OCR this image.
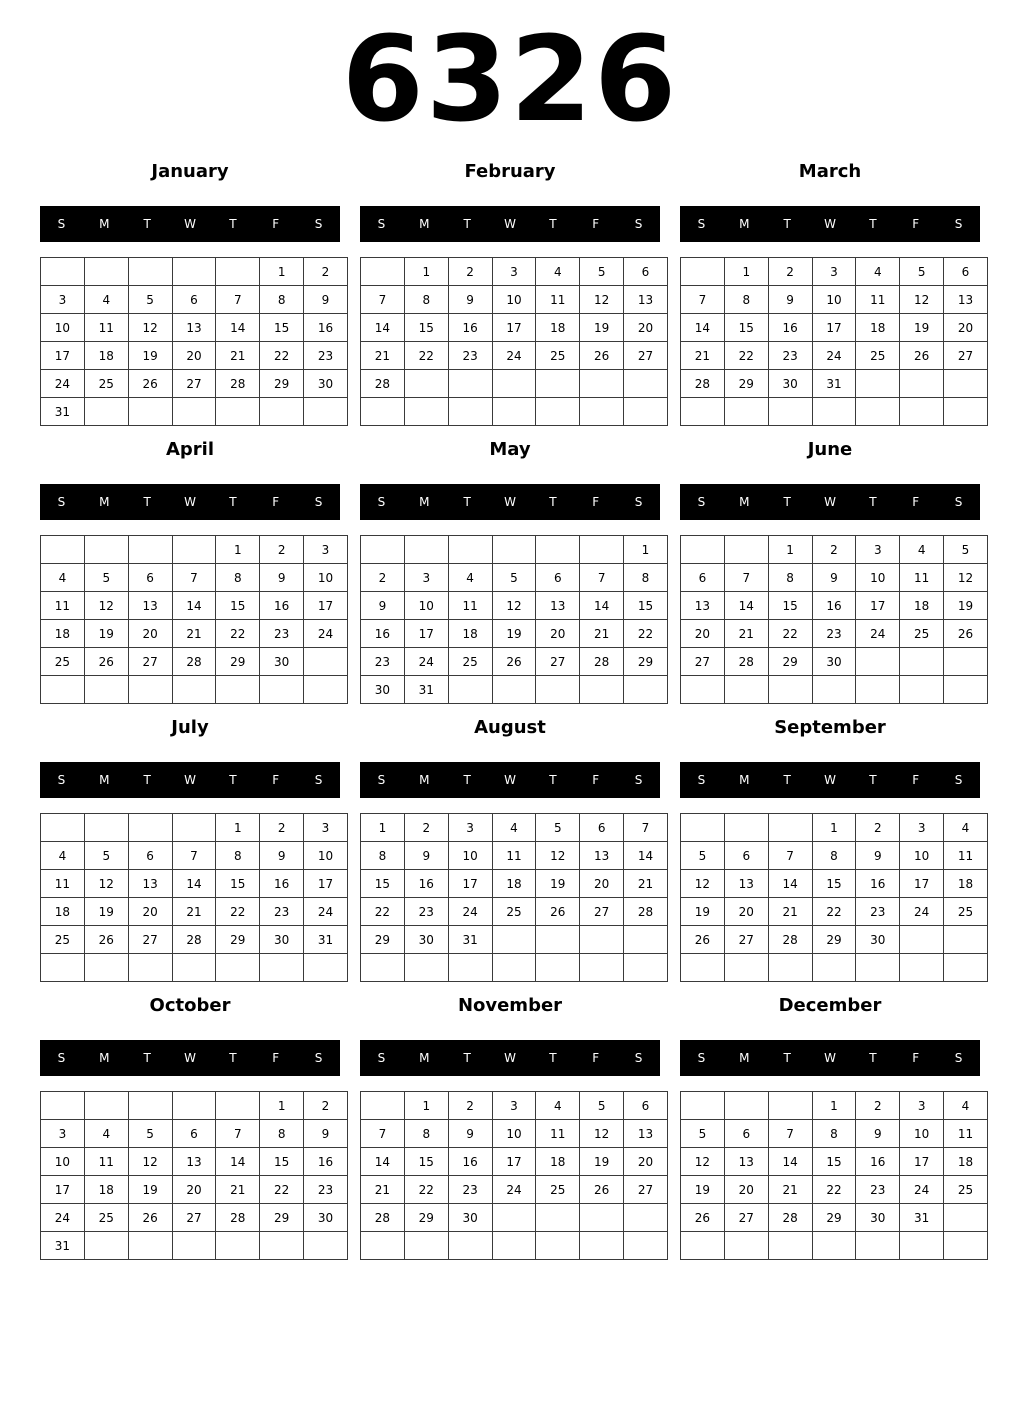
6326
January
S	M	T	W	T	F	S
					1	2
3	4	5	6	7	8	9
10	11	12	13	14	15	16
17	18	19	20	21	22	23
24	25	26	27	28	29	30
31						
February
S	M	T	W	T	F	S
	1	2	3	4	5	6
7	8	9	10	11	12	13
14	15	16	17	18	19	20
21	22	23	24	25	26	27
28						

March
S	M	T	W	T	F	S
	1	2	3	4	5	6
7	8	9	10	11	12	13
14	15	16	17	18	19	20
21	22	23	24	25	26	27
28	29	30	31			

April
S	M	T	W	T	F	S
				1	2	3
4	5	6	7	8	9	10
11	12	13	14	15	16	17
18	19	20	21	22	23	24
25	26	27	28	29	30	

May
S	M	T	W	T	F	S
						1
2	3	4	5	6	7	8
9	10	11	12	13	14	15
16	17	18	19	20	21	22
23	24	25	26	27	28	29
30	31					
June
S	M	T	W	T	F	S
		1	2	3	4	5
6	7	8	9	10	11	12
13	14	15	16	17	18	19
20	21	22	23	24	25	26
27	28	29	30			

July
S	M	T	W	T	F	S
				1	2	3
4	5	6	7	8	9	10
11	12	13	14	15	16	17
18	19	20	21	22	23	24
25	26	27	28	29	30	31

August
S	M	T	W	T	F	S
1	2	3	4	5	6	7
8	9	10	11	12	13	14
15	16	17	18	19	20	21
22	23	24	25	26	27	28
29	30	31				

September
S	M	T	W	T	F	S
			1	2	3	4
5	6	7	8	9	10	11
12	13	14	15	16	17	18
19	20	21	22	23	24	25
26	27	28	29	30		

October
S	M	T	W	T	F	S
					1	2
3	4	5	6	7	8	9
10	11	12	13	14	15	16
17	18	19	20	21	22	23
24	25	26	27	28	29	30
31						
November
S	M	T	W	T	F	S
	1	2	3	4	5	6
7	8	9	10	11	12	13
14	15	16	17	18	19	20
21	22	23	24	25	26	27
28	29	30				

December
S	M	T	W	T	F	S
			1	2	3	4
5	6	7	8	9	10	11
12	13	14	15	16	17	18
19	20	21	22	23	24	25
26	27	28	29	30	31	
